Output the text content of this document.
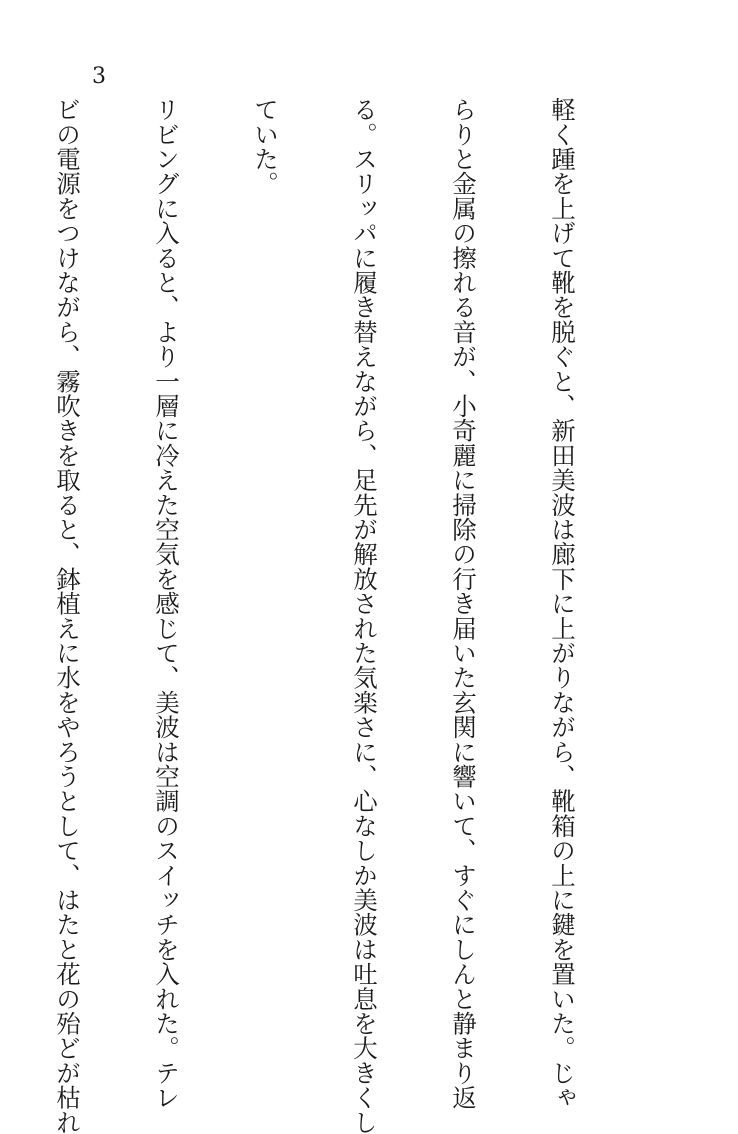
3

軽く踵を上げて靴を脱ぐと、新田美波は廊下に上がりながら、靴箱の上に鍵を置いた。じゃ

らりと金属の擦れる音が、小奇麗に掃除の行き届いた玄関に響いて、すぐにしんと静まり返

る。スリッパに履き替えながら、足先が解放された気楽さに、心なしか美波は吐息を大きくし

ていた。

リビングに入ると、より一層に冷えた空気を感じて、美波は空調のスイッチを入れた。テレ

ビの電源をつけながら、霧吹きを取ると、鉢植えに水をやろうとして、はたと花の殆どが枯れ
